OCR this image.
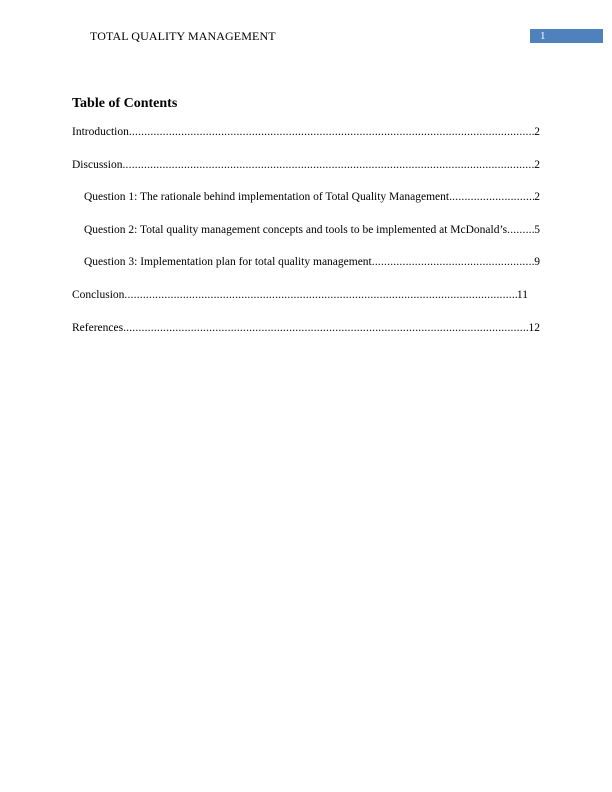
TOTAL QUALITY MANAGEMENT	1
Table of Contents
Introduction .....	2
Discussion .....	2
Question 1: The rationale behind implementation of Total Quality Management .....	2
Question 2: Total quality management concepts and tools to be implemented at McDonald’s ..... 5
Question 3: Implementation plan for total quality management .....	9
Conclusion .....	11
References .....	12
